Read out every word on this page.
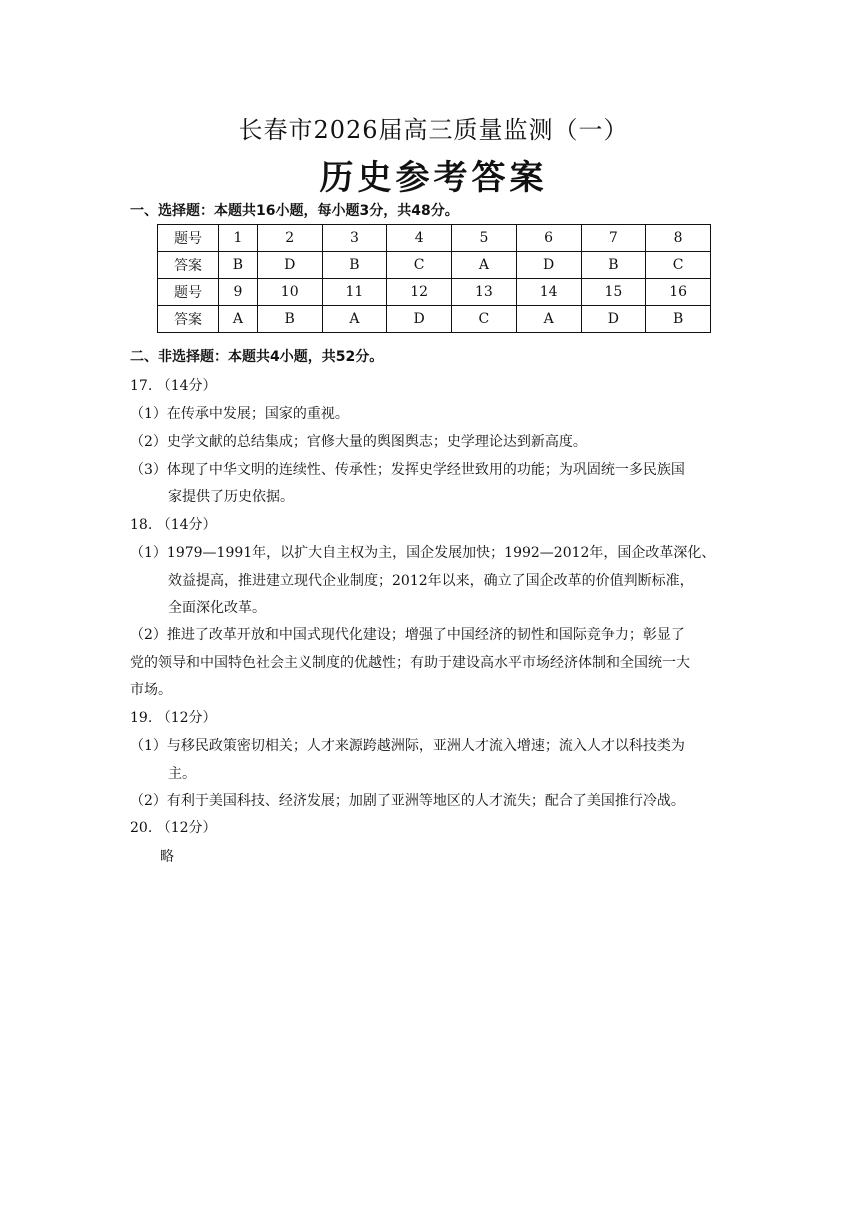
长春市2026届高三质量监测（一）
历史参考答案
一、选择题：本题共16小题，每小题3分，共48分。
题号	1	2	3	4	5	6	7	8
答案	B	D	B	C	A	D	B	C
题号	9	10	11	12	13	14	15	16
答案	A	B	A	D	C	A	D	B
二、非选择题：本题共4小题，共52分。
17. （14分）
（1）在传承中发展；国家的重视。
（2）史学文献的总结集成；官修大量的舆图舆志；史学理论达到新高度。
（3）体现了中华文明的连续性、传承性；发挥史学经世致用的功能；为巩固统一多民族国
家提供了历史依据。
18. （14分）
（1）1979—1991年，以扩大自主权为主，国企发展加快；1992—2012年，国企改革深化、
效益提高，推进建立现代企业制度；2012年以来，确立了国企改革的价值判断标准，
全面深化改革。
（2）推进了改革开放和中国式现代化建设；增强了中国经济的韧性和国际竞争力；彰显了
党的领导和中国特色社会主义制度的优越性；有助于建设高水平市场经济体制和全国统一大
市场。
19. （12分）
（1）与移民政策密切相关；人才来源跨越洲际，亚洲人才流入增速；流入人才以科技类为
主。
（2）有利于美国科技、经济发展；加剧了亚洲等地区的人才流失；配合了美国推行冷战。
20. （12分）
略
